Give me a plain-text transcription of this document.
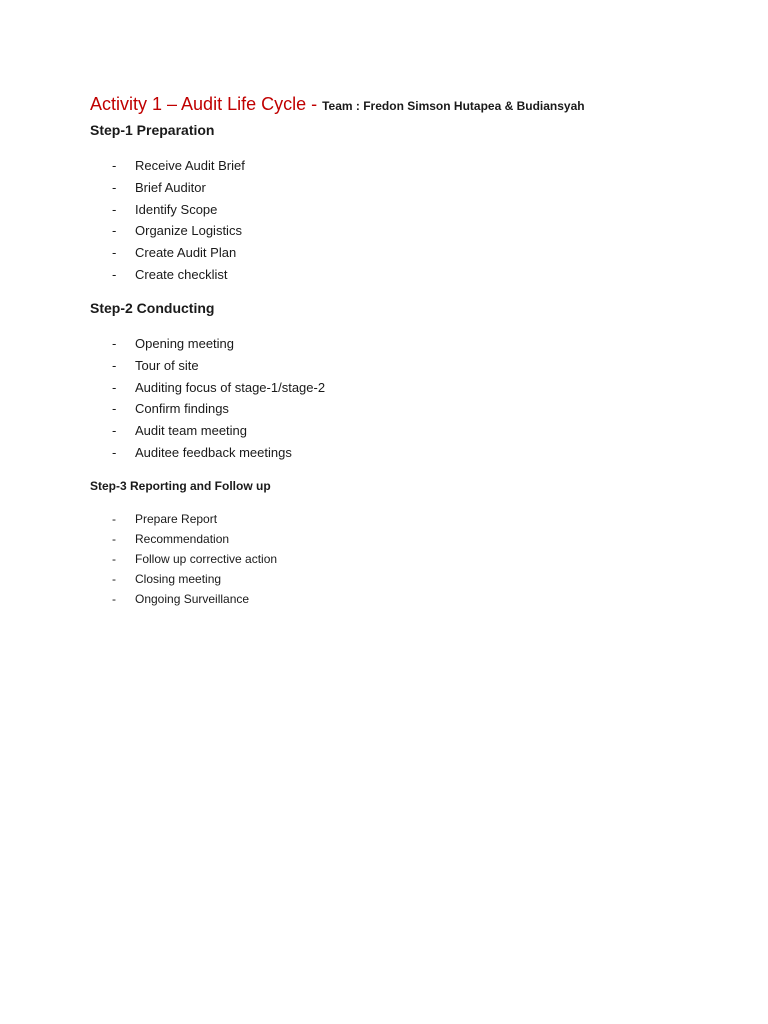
Activity 1 – Audit Life Cycle - Team : Fredon Simson Hutapea & Budiansyah
Step-1 Preparation
- Receive Audit Brief
- Brief Auditor
- Identify Scope
- Organize Logistics
- Create Audit Plan
- Create checklist
Step-2 Conducting
- Opening meeting
- Tour of site
- Auditing focus of stage-1/stage-2
- Confirm findings
- Audit team meeting
- Auditee feedback meetings
Step-3 Reporting and Follow up
- Prepare Report
- Recommendation
- Follow up corrective action
- Closing meeting
- Ongoing Surveillance
